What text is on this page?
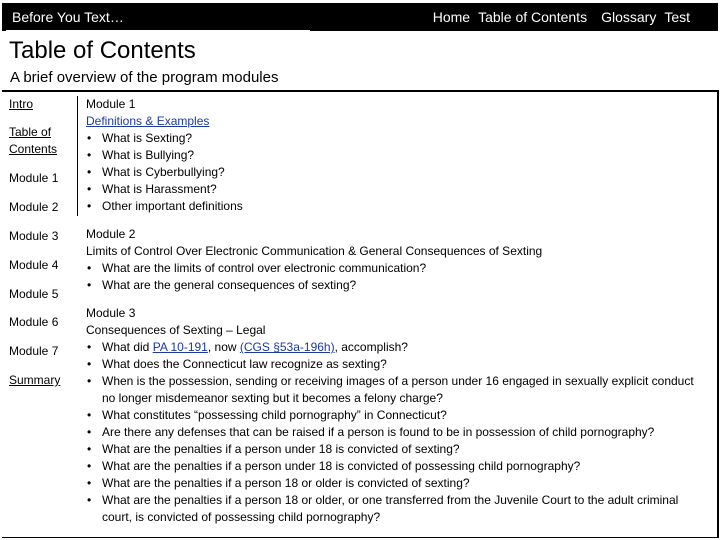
Before You Text…	Home Table of Contents Glossary Test
Table of Contents
A brief overview of the program modules
Intro
Table of Contents
Module 1
Module 2
Module 3
Module 4
Module 5
Module 6
Module 7
Summary

Module 1

Definitions & Examples

• What is Sexting?
• What is Bullying?
• What is Cyberbullying?
• What is Harassment?
• Other important definitions

Module 2

Limits of Control Over Electronic Communication & General Consequences of Sexting

• What are the limits of control over electronic communication?
• What are the general consequences of sexting?

Module 3

Consequences of Sexting – Legal

• What did PA 10-191, now (CGS §53a-196h), accomplish?
• What does the Connecticut law recognize as sexting?
• When is the possession, sending or receiving images of a person under 16 engaged in sexually explicit conduct no longer misdemeanor sexting but it becomes a felony charge?
• What constitutes “possessing child pornography” in Connecticut?
• Are there any defenses that can be raised if a person is found to be in possession of child pornography?
• What are the penalties if a person under 18 is convicted of sexting?
• What are the penalties if a person under 18 is convicted of possessing child pornography?
• What are the penalties if a person 18 or older is convicted of sexting?
• What are the penalties if a person 18 or older, or one transferred from the Juvenile Court to the adult criminal court, is convicted of possessing child pornography?
